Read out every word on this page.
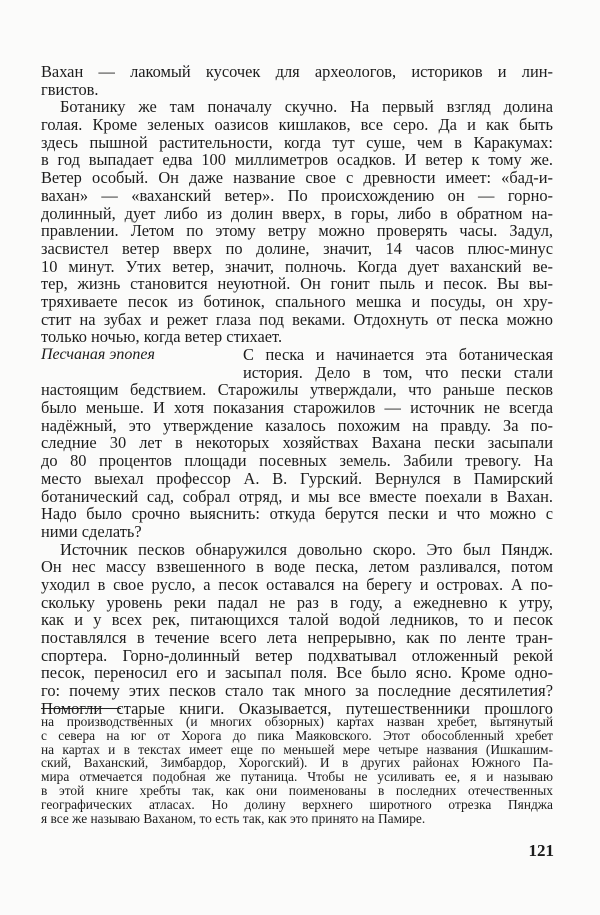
Вахан — лакомый кусочек для археологов, историков и лин-
гвистов.
Ботанику же там поначалу скучно. На первый взгляд долина
голая. Кроме зеленых оазисов кишлаков, все серо. Да и как быть
здесь пышной растительности, когда тут суше, чем в Каракумах:
в год выпадает едва 100 миллиметров осадков. И ветер к тому же.
Ветер особый. Он даже название свое с древности имеет: «бад-и-
вахан» — «ваханский ветер». По происхождению он — горно-
долинный, дует либо из долин вверх, в горы, либо в обратном на-
правлении. Летом по этому ветру можно проверять часы. Задул,
засвистел ветер вверх по долине, значит, 14 часов плюс-минус
10 минут. Утих ветер, значит, полночь. Когда дует ваханский ве-
тер, жизнь становится неуютной. Он гонит пыль и песок. Вы вы-
тряхиваете песок из ботинок, спального мешка и посуды, он хру-
стит на зубах и режет глаза под веками. Отдохнуть от песка можно
только ночью, когда ветер стихает.
Песчаная эпопея	С песка и начинается эта ботаническая
история. Дело в том, что пески стали
настоящим бедствием. Старожилы утверждали, что раньше песков
было меньше. И хотя показания старожилов — источник не всегда
надёжный, это утверждение казалось похожим на правду. За по-
следние 30 лет в некоторых хозяйствах Вахана пески засыпали
до 80 процентов площади посевных земель. Забили тревогу. На
место выехал профессор А. В. Гурский. Вернулся в Памирский
ботанический сад, собрал отряд, и мы все вместе поехали в Вахан.
Надо было срочно выяснить: откуда берутся пески и что можно с
ними сделать?
Источник песков обнаружился довольно скоро. Это был Пяндж.
Он нес массу взвешенного в воде песка, летом разливался, потом
уходил в свое русло, а песок оставался на берегу и островах. А по-
скольку уровень реки падал не раз в году, а ежедневно к утру,
как и у всех рек, питающихся талой водой ледников, то и песок
поставлялся в течение всего лета непрерывно, как по ленте тран-
спортера. Горно-долинный ветер подхватывал отложенный рекой
песок, переносил его и засыпал поля. Все было ясно. Кроме одно-
го: почему этих песков стало так много за последние десятилетия?
Помогли старые книги. Оказывается, путешественники прошлого
на производственных (и многих обзорных) картах назван хребет, вытянутый
с севера на юг от Хорога до пика Маяковского. Этот обособленный хребет
на картах и в текстах имеет еще по меньшей мере четыре названия (Ишкашим-
ский, Ваханский, Зимбардор, Хорогский). И в других районах Южного Па-
мира отмечается подобная же путаница. Чтобы не усиливать ее, я и называю
в этой книге хребты так, как они поименованы в последних отечественных
географических атласах. Но долину верхнего широтного отрезка Пянджа
я все же называю Ваханом, то есть так, как это принято на Памире.
121
